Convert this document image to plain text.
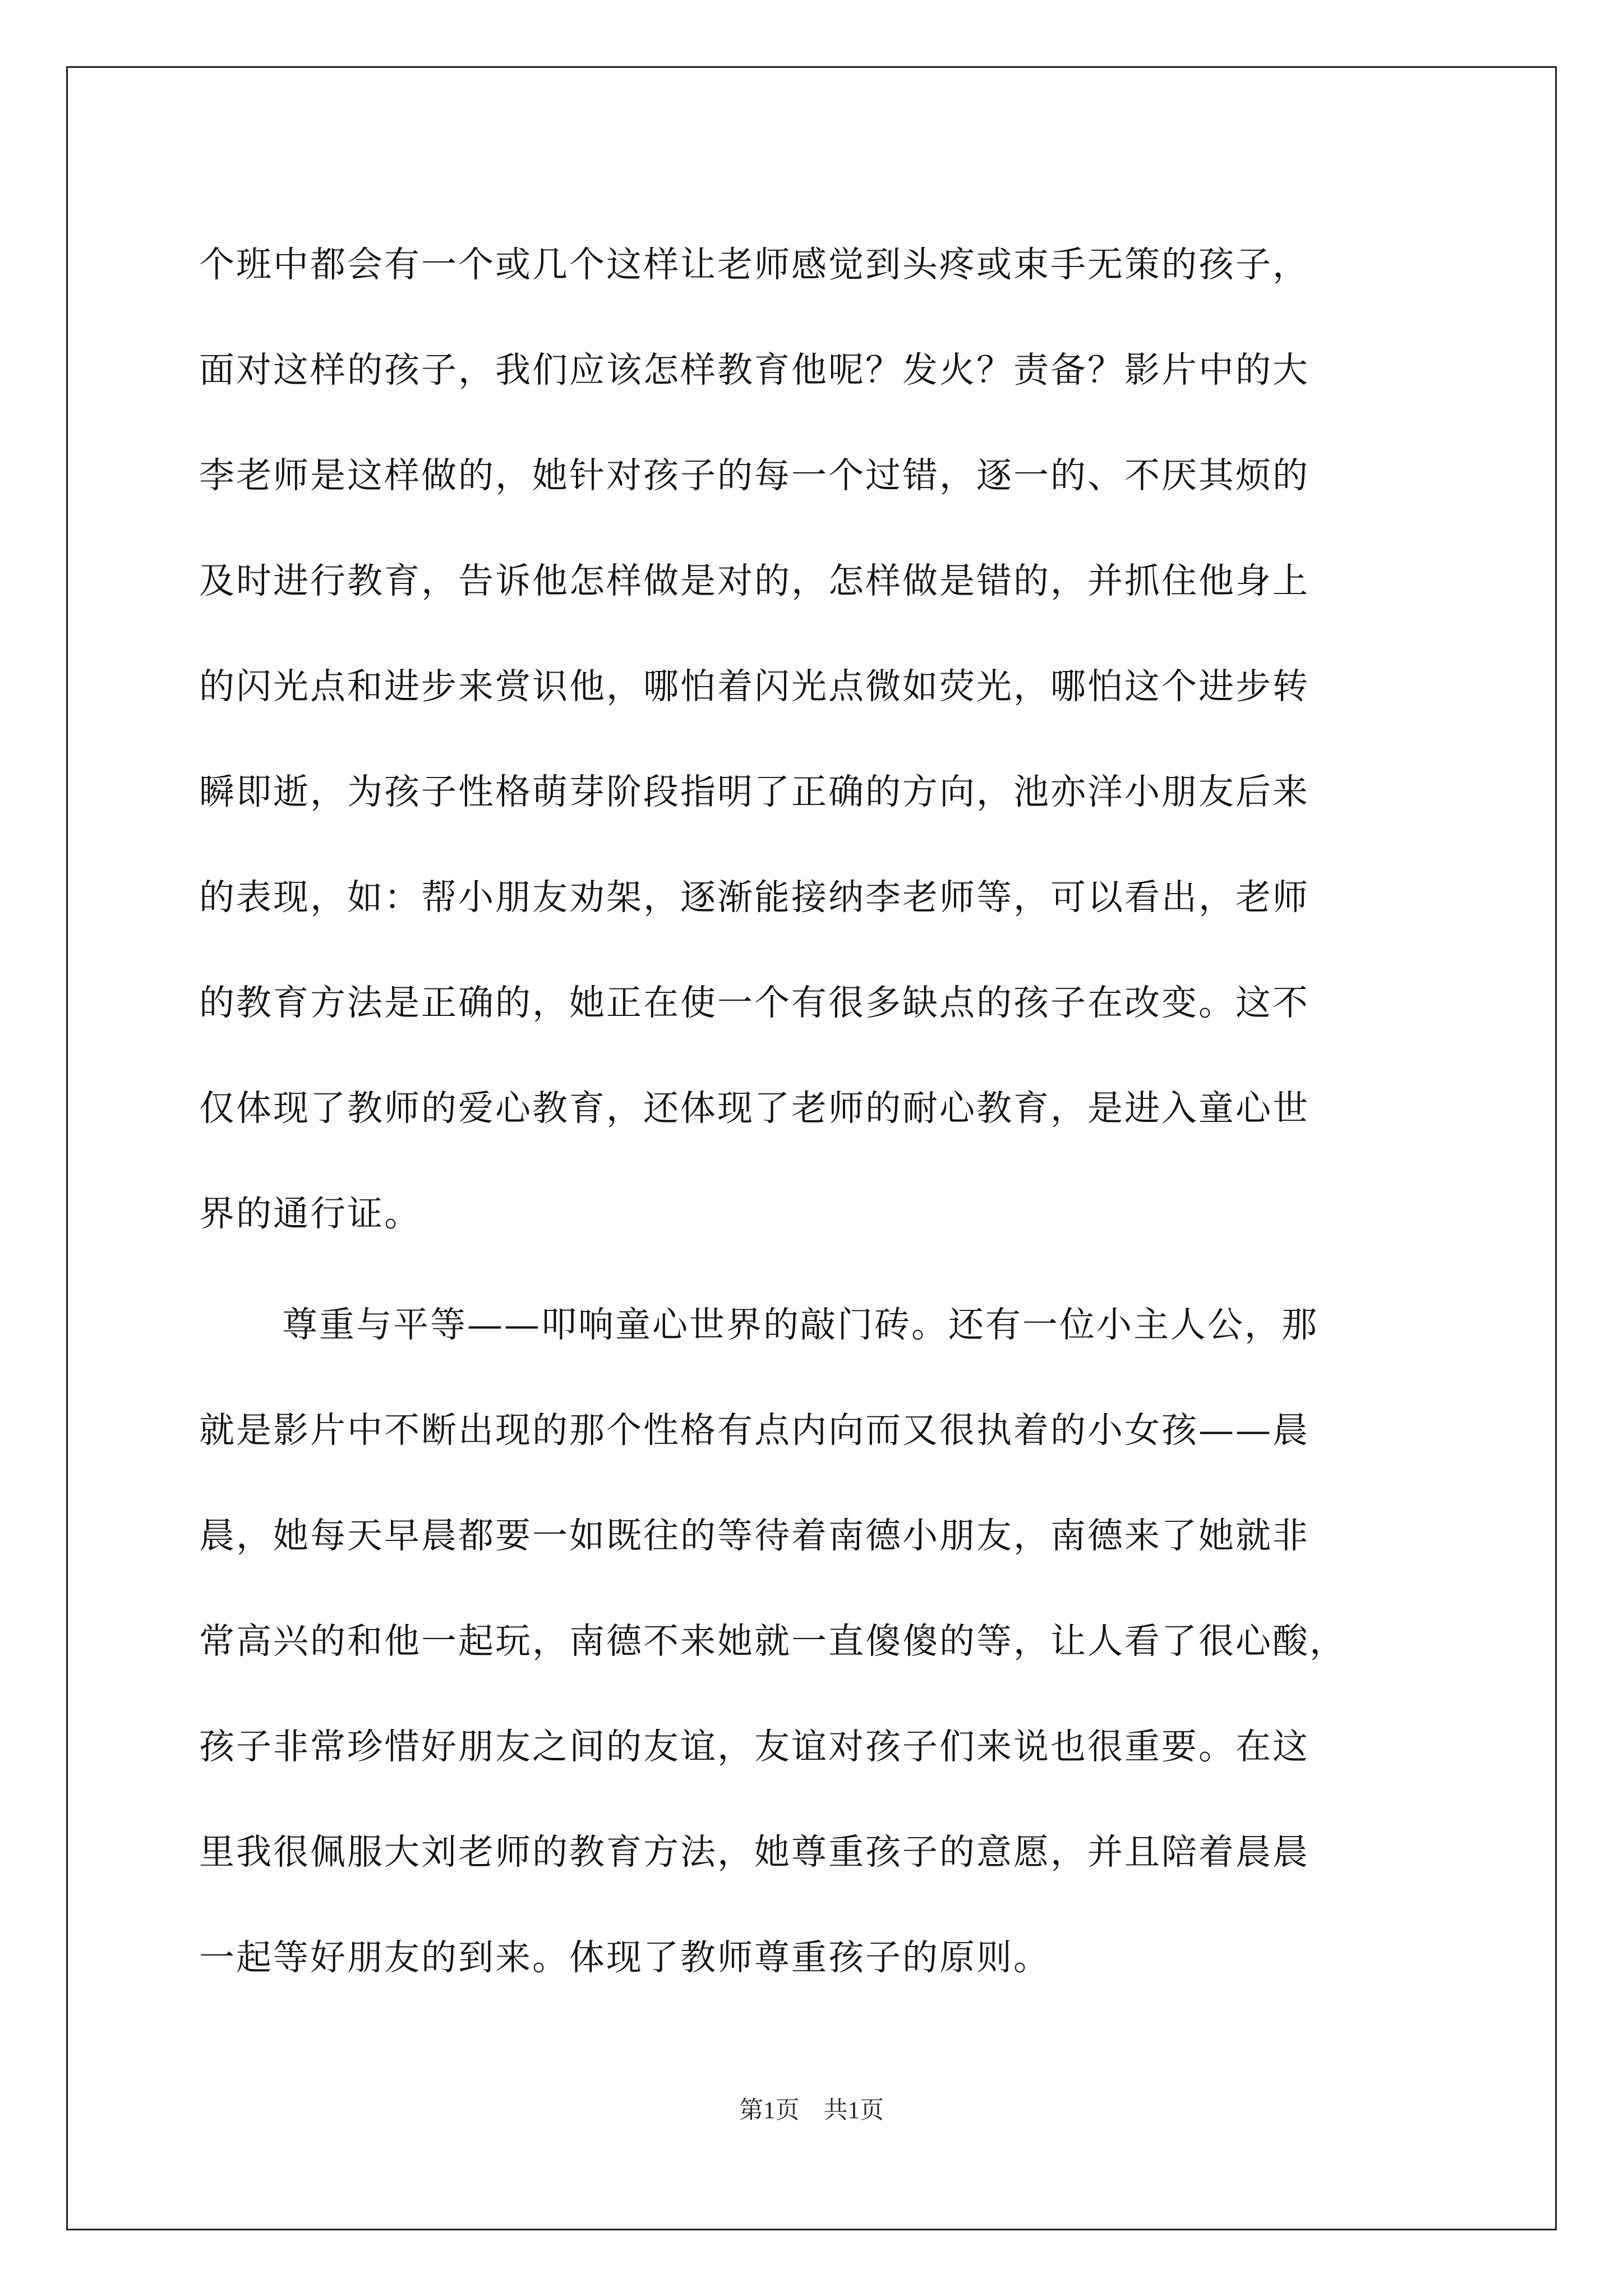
个班中都会有一个或几个这样让老师感觉到头疼或束手无策的孩子，
面对这样的孩子，我们应该怎样教育他呢？发火？责备？影片中的大
李老师是这样做的，她针对孩子的每一个过错，逐一的、不厌其烦的
及时进行教育，告诉他怎样做是对的，怎样做是错的，并抓住他身上
的闪光点和进步来赏识他，哪怕着闪光点微如荧光，哪怕这个进步转
瞬即逝，为孩子性格萌芽阶段指明了正确的方向，池亦洋小朋友后来
的表现，如：帮小朋友劝架，逐渐能接纳李老师等，可以看出，老师
的教育方法是正确的，她正在使一个有很多缺点的孩子在改变。这不
仅体现了教师的爱心教育，还体现了老师的耐心教育，是进入童心世
界的通行证。
尊重与平等——叩响童心世界的敲门砖。还有一位小主人公，那
就是影片中不断出现的那个性格有点内向而又很执着的小女孩——晨
晨，她每天早晨都要一如既往的等待着南德小朋友，南德来了她就非
常高兴的和他一起玩，南德不来她就一直傻傻的等，让人看了很心酸，
孩子非常珍惜好朋友之间的友谊，友谊对孩子们来说也很重要。在这
里我很佩服大刘老师的教育方法，她尊重孩子的意愿，并且陪着晨晨
一起等好朋友的到来。体现了教师尊重孩子的原则。
第1页　共1页
